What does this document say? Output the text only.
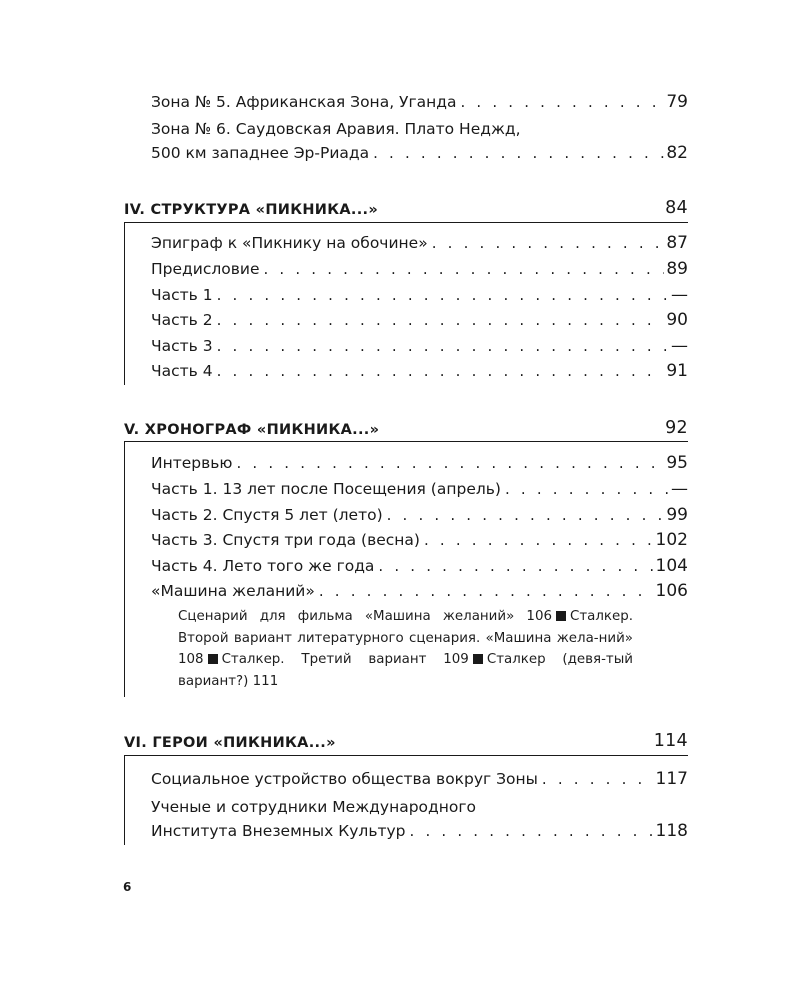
Зона № 5. Африканская Зона, Уганда . . .	79
Зона № 6. Саудовская Аравия. Плато Неджд,
500 км западнее Эр-Риада . . .	82
IV. СТРУКТУРА «ПИКНИКА...»	84
Эпиграф к «Пикнику на обочине» . . .	87
Предисловие . . .	89
Часть 1 . . .	—
Часть 2 . . .	90
Часть 3 . . .	—
Часть 4 . . .	91
V. ХРОНОГРАФ «ПИКНИКА...»	92
Интервью . . .	95
Часть 1. 13 лет после Посещения (апрель) . . .	—
Часть 2. Спустя 5 лет (лето) . . .	99
Часть 3. Спустя три года (весна) . . .	102
Часть 4. Лето того же года . . .	104
«Машина желаний» . . .	106
Сценарий для фильма «Машина желаний» 106 Сталкер. Второй вариант литературного сценария. «Машина жела-ний» 108 Сталкер. Третий вариант 109 Сталкер (девя-тый вариант?) 111
VI. ГЕРОИ «ПИКНИКА...»	114
Социальное устройство общества вокруг Зоны . . .	117
Ученые и сотрудники Международного
Института Внеземных Культур . . .	118
6
